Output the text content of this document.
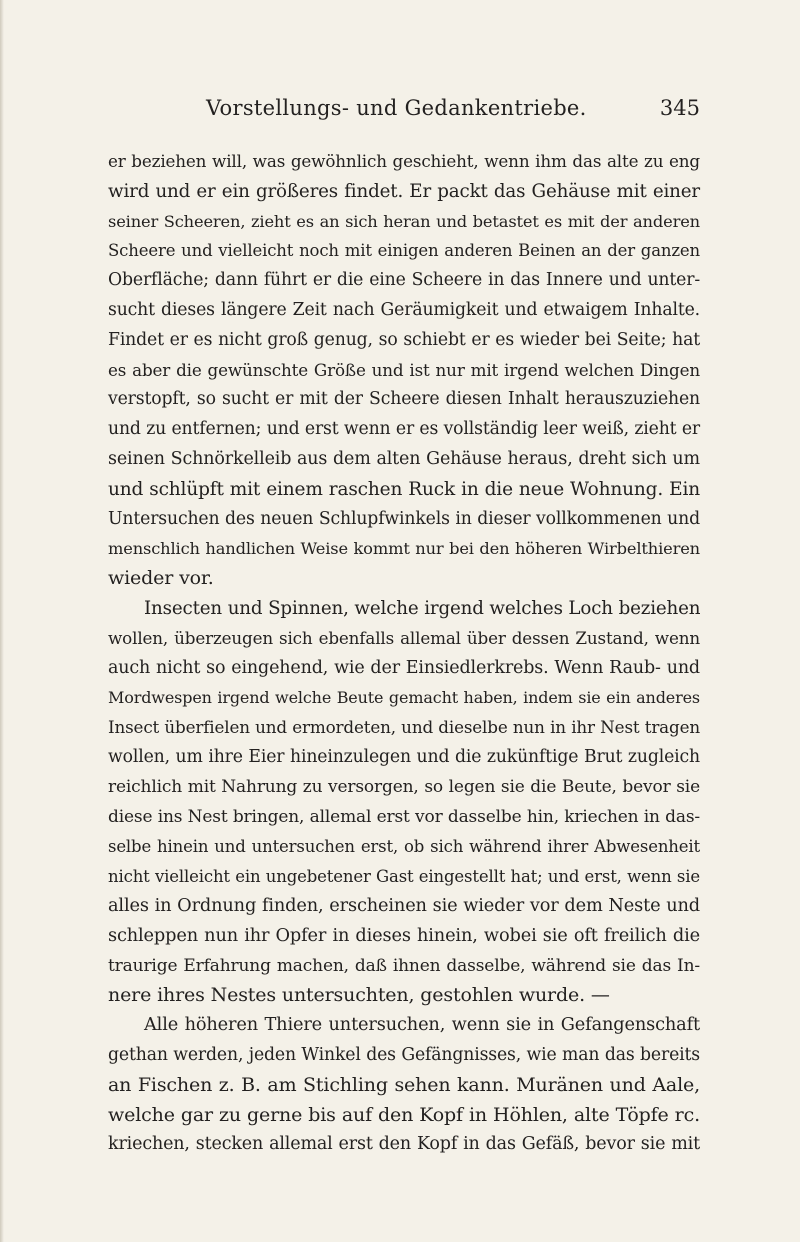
Vorstellungs- und Gedankentriebe.	345
er beziehen will, was gewöhnlich geschieht, wenn ihm das alte zu eng
wird und er ein größeres findet. Er packt das Gehäuse mit einer
seiner Scheeren, zieht es an sich heran und betastet es mit der anderen
Scheere und vielleicht noch mit einigen anderen Beinen an der ganzen
Oberfläche; dann führt er die eine Scheere in das Innere und unter-
sucht dieses längere Zeit nach Geräumigkeit und etwaigem Inhalte.
Findet er es nicht groß genug, so schiebt er es wieder bei Seite; hat
es aber die gewünschte Größe und ist nur mit irgend welchen Dingen
verstopft, so sucht er mit der Scheere diesen Inhalt herauszuziehen
und zu entfernen; und erst wenn er es vollständig leer weiß, zieht er
seinen Schnörkelleib aus dem alten Gehäuse heraus, dreht sich um
und schlüpft mit einem raschen Ruck in die neue Wohnung. Ein
Untersuchen des neuen Schlupfwinkels in dieser vollkommenen und
menschlich handlichen Weise kommt nur bei den höheren Wirbelthieren
wieder vor.
Insecten und Spinnen, welche irgend welches Loch beziehen
wollen, überzeugen sich ebenfalls allemal über dessen Zustand, wenn
auch nicht so eingehend, wie der Einsiedlerkrebs. Wenn Raub- und
Mordwespen irgend welche Beute gemacht haben, indem sie ein anderes
Insect überfielen und ermordeten, und dieselbe nun in ihr Nest tragen
wollen, um ihre Eier hineinzulegen und die zukünftige Brut zugleich
reichlich mit Nahrung zu versorgen, so legen sie die Beute, bevor sie
diese ins Nest bringen, allemal erst vor dasselbe hin, kriechen in das-
selbe hinein und untersuchen erst, ob sich während ihrer Abwesenheit
nicht vielleicht ein ungebetener Gast eingestellt hat; und erst, wenn sie
alles in Ordnung finden, erscheinen sie wieder vor dem Neste und
schleppen nun ihr Opfer in dieses hinein, wobei sie oft freilich die
traurige Erfahrung machen, daß ihnen dasselbe, während sie das In-
nere ihres Nestes untersuchten, gestohlen wurde. —
Alle höheren Thiere untersuchen, wenn sie in Gefangenschaft
gethan werden, jeden Winkel des Gefängnisses, wie man das bereits
an Fischen z. B. am Stichling sehen kann. Muränen und Aale,
welche gar zu gerne bis auf den Kopf in Höhlen, alte Töpfe rc.
kriechen, stecken allemal erst den Kopf in das Gefäß, bevor sie mit
